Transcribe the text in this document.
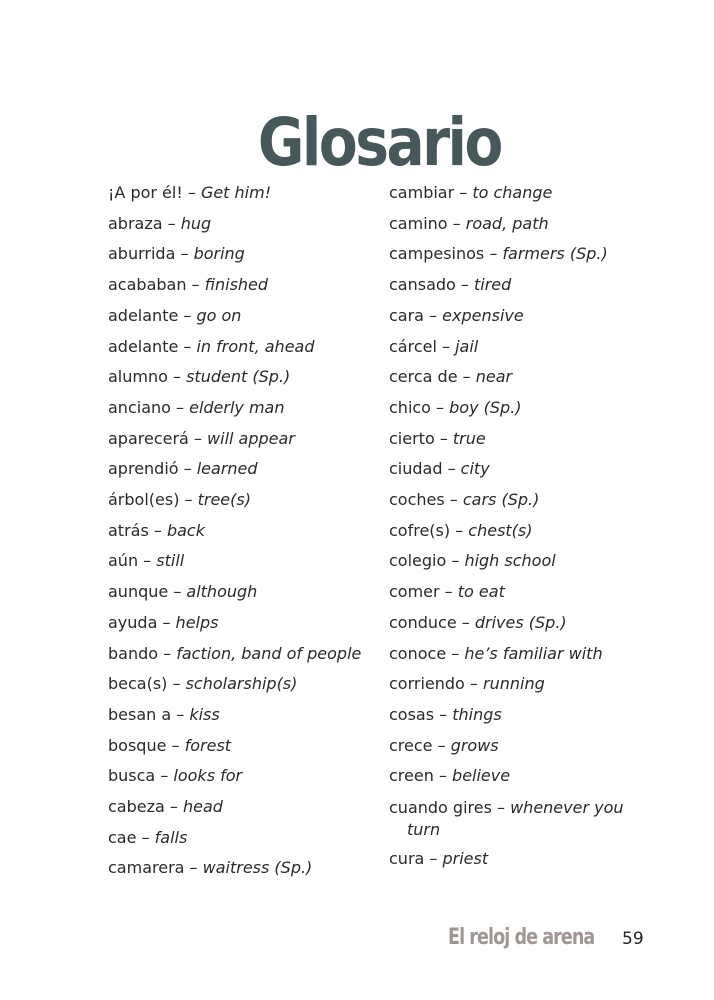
Glosario
¡A por él! – Get him!
abraza – hug
aburrida – boring
acababan – finished
adelante – go on
adelante – in front, ahead
alumno – student (Sp.)
anciano – elderly man
aparecerá – will appear
aprendió – learned
árbol(es) – tree(s)
atrás – back
aún – still
aunque – although
ayuda – helps
bando – faction, band of people
beca(s) – scholarship(s)
besan a – kiss
bosque – forest
busca – looks for
cabeza – head
cae – falls
camarera – waitress (Sp.)
cambiar – to change
camino – road, path
campesinos – farmers (Sp.)
cansado – tired
cara – expensive
cárcel – jail
cerca de – near
chico – boy (Sp.)
cierto – true
ciudad – city
coches – cars (Sp.)
cofre(s) – chest(s)
colegio – high school
comer – to eat
conduce – drives (Sp.)
conoce – he’s familiar with
corriendo – running
cosas – things
crece – grows
creen – believe
cuando gires – whenever you turn
cura – priest
El reloj de arena 59
